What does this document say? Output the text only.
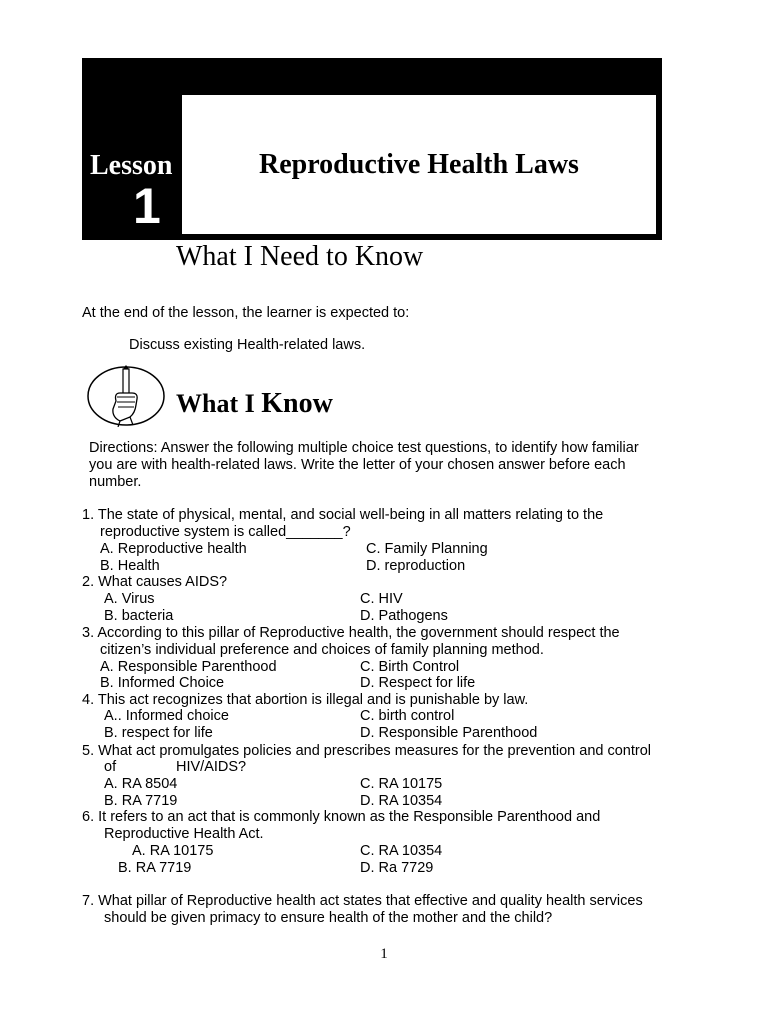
Lesson
1
Reproductive Health Laws
What I Need to Know
At the end of the lesson, the learner is expected to:
Discuss existing Health-related laws.
What I Know
Directions: Answer the following multiple choice test questions, to identify how familiar
you are with health-related laws. Write the letter of your chosen answer before each
number.
1. The state of physical, mental, and social well-being in all matters relating to the
reproductive system is called_______?
A. Reproductive health	C. Family Planning
B. Health	D. reproduction
2. What causes AIDS?
A. Virus	C. HIV
B. bacteria	D. Pathogens
3. According to this pillar of Reproductive health, the government should respect the
citizen’s individual preference and choices of family planning method.
A. Responsible Parenthood	C. Birth Control
B. Informed Choice	D. Respect for life
4. This act recognizes that abortion is illegal and is punishable by law.
A.. Informed choice	C. birth control
B. respect for life	D. Responsible Parenthood
5. What act promulgates policies and prescribes measures for the prevention and control
of	HIV/AIDS?
A. RA 8504	C. RA 10175
B. RA 7719	D. RA 10354
6. It refers to an act that is commonly known as the Responsible Parenthood and
Reproductive Health Act.
A. RA 10175	C. RA 10354
B. RA 7719	D. Ra 7729
7. What pillar of Reproductive health act states that effective and quality health services
should be given primacy to ensure health of the mother and the child?
1
